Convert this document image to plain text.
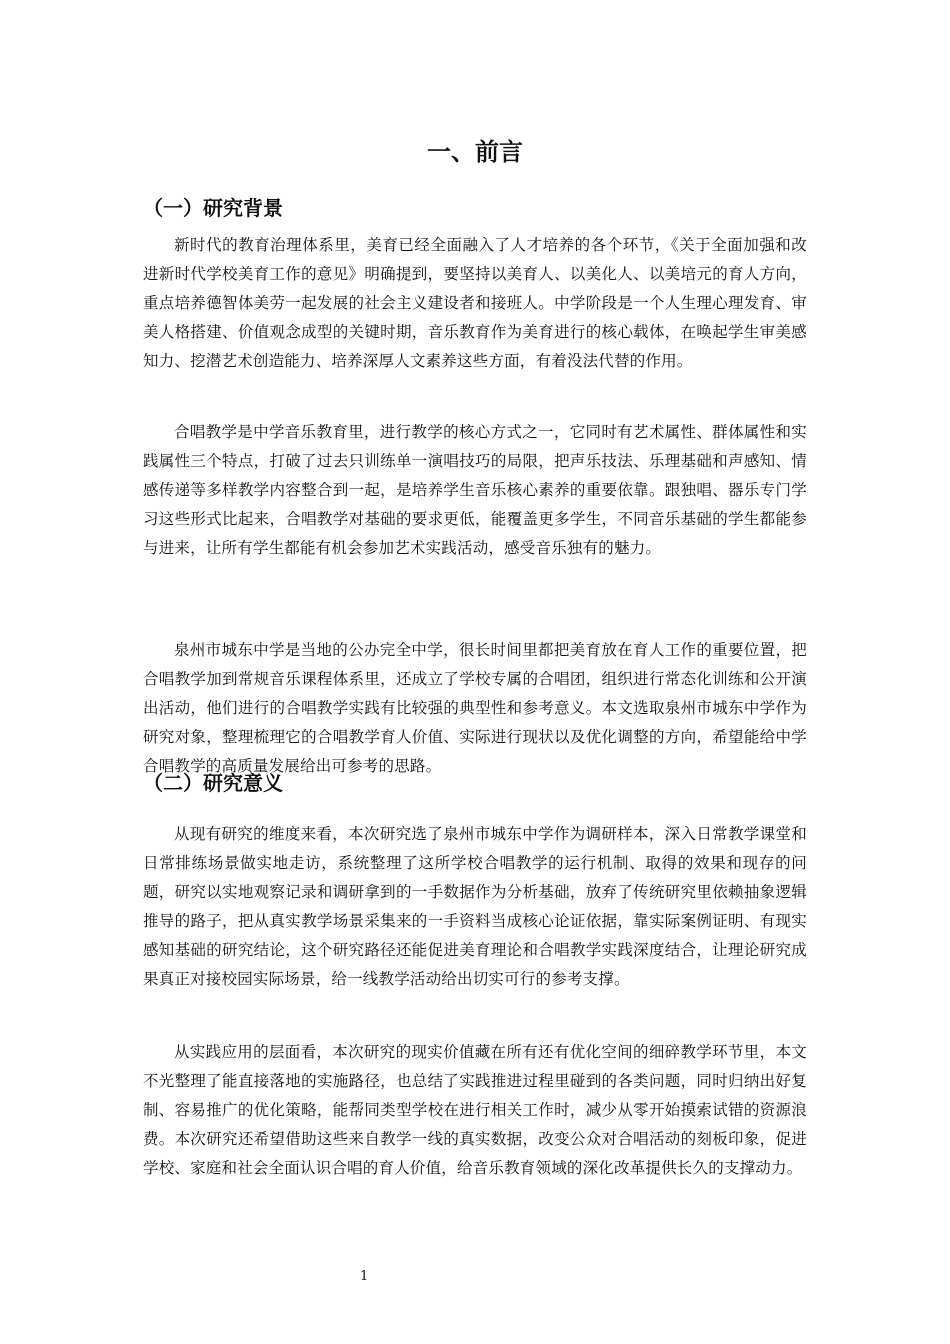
一、前言
（一）研究背景

新时代的教育治理体系里，美育已经全面融入了人才培养的各个环节，《关于全面加强和改进新时代学校美育工作的意见》明确提到，要坚持以美育人、以美化人、以美培元的育人方向，重点培养德智体美劳一起发展的社会主义建设者和接班人。中学阶段是一个人生理心理发育、审美人格搭建、价值观念成型的关键时期，音乐教育作为美育进行的核心载体，在唤起学生审美感知力、挖潜艺术创造能力、培养深厚人文素养这些方面，有着没法代替的作用。

合唱教学是中学音乐教育里，进行教学的核心方式之一，它同时有艺术属性、群体属性和实践属性三个特点，打破了过去只训练单一演唱技巧的局限，把声乐技法、乐理基础和声感知、情感传递等多样教学内容整合到一起，是培养学生音乐核心素养的重要依靠。跟独唱、器乐专门学习这些形式比起来，合唱教学对基础的要求更低，能覆盖更多学生，不同音乐基础的学生都能参与进来，让所有学生都能有机会参加艺术实践活动，感受音乐独有的魅力。

泉州市城东中学是当地的公办完全中学，很长时间里都把美育放在育人工作的重要位置，把合唱教学加到常规音乐课程体系里，还成立了学校专属的合唱团，组织进行常态化训练和公开演出活动，他们进行的合唱教学实践有比较强的典型性和参考意义。本文选取泉州市城东中学作为研究对象，整理梳理它的合唱教学育人价值、实际进行现状以及优化调整的方向，希望能给中学合唱教学的高质量发展给出可参考的思路。

（二）研究意义

从现有研究的维度来看，本次研究选了泉州市城东中学作为调研样本，深入日常教学课堂和日常排练场景做实地走访，系统整理了这所学校合唱教学的运行机制、取得的效果和现存的问题，研究以实地观察记录和调研拿到的一手数据作为分析基础，放弃了传统研究里依赖抽象逻辑推导的路子，把从真实教学场景采集来的一手资料当成核心论证依据，靠实际案例证明、有现实感知基础的研究结论，这个研究路径还能促进美育理论和合唱教学实践深度结合，让理论研究成果真正对接校园实际场景，给一线教学活动给出切实可行的参考支撑。

从实践应用的层面看，本次研究的现实价值藏在所有还有优化空间的细碎教学环节里，本文不光整理了能直接落地的实施路径，也总结了实践推进过程里碰到的各类问题，同时归纳出好复制、容易推广的优化策略，能帮同类型学校在进行相关工作时，减少从零开始摸索试错的资源浪费。本次研究还希望借助这些来自教学一线的真实数据，改变公众对合唱活动的刻板印象，促进学校、家庭和社会全面认识合唱的育人价值，给音乐教育领域的深化改革提供长久的支撑动力。

1
